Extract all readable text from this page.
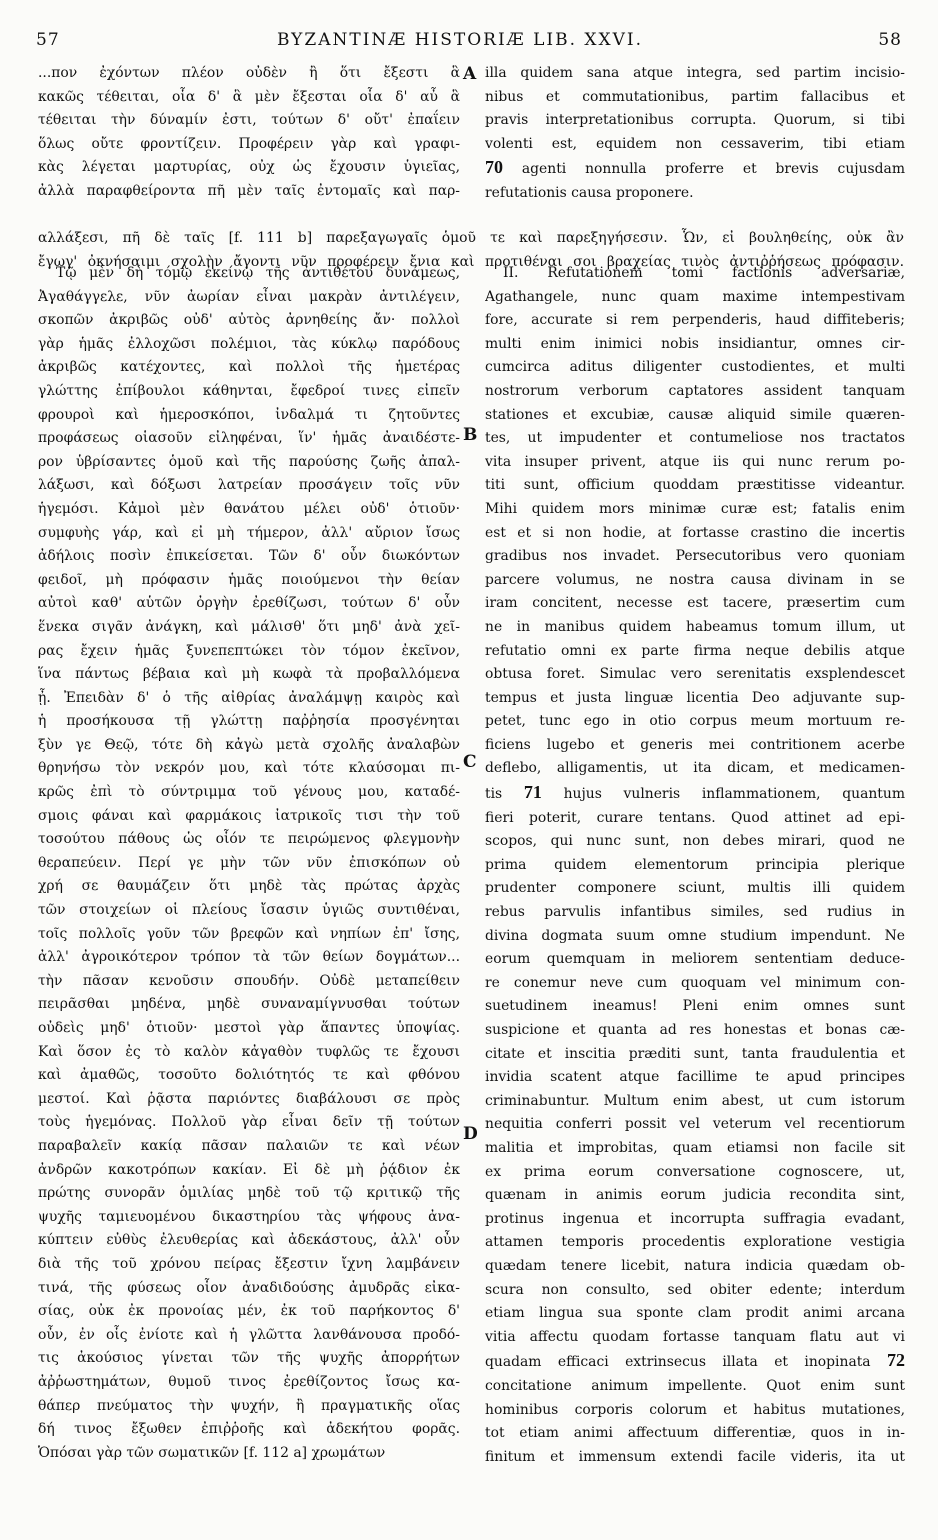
57	BYZANTINÆ HISTORIÆ LIB. XXVI.	58
A
B
C
D
...πον ἐχόντων πλέον οὐδὲν ἢ ὅτι ἔξεστι ἃ
κακῶς τέθειται, οἷα δ' ἃ μὲν ἔξεσται οἷα δ' αὖ ἃ
τέθειται τὴν δύναμίν ἐστι, τούτων δ' οὔτ' ἐπαΐειν
ὅλως οὔτε φροντίζειν. Προφέρειν γὰρ καὶ γραφι-
κὰς λέγεται μαρτυρίας, οὐχ ὡς ἔχουσιν ὑγιεῖας,
ἀλλὰ παραφθείροντα πῆ μὲν ταῖς ἐντομαῖς καὶ παρ-
illa quidem sana atque integra, sed partim incisio-
nibus et commutationibus, partim fallacibus et
pravis interpretationibus corrupta. Quorum, si tibi
volenti est, equidem non cessaverim, tibi etiam
70 agenti nonnulla proferre et brevis cujusdam
refutationis causa proponere.
αλλάξεσι, πῆ δὲ ταῖς [f. 111 b] παρεξαγωγαῖς ὁμοῦ τε καὶ παρεξηγήσεσιν. Ὧν, εἰ βουληθείης, οὐκ ἂν
ἔγωγ' ὀκνήσαιμι σχολὴν ἄγοντι νῦν προφέρειν ἔνια καὶ προτιθέναι σοι βραχείας τινὸς ἀντιῤῥήσεως πρόφασιν.
Τῷ μὲν δὴ τόμῳ ἐκείνῳ τῆς ἀντιθέτου δυνάμεως,
Ἀγαθάγγελε, νῦν ἀωρίαν εἶναι μακρὰν ἀντιλέγειν,
σκοπῶν ἀκριβῶς οὐδ' αὐτὸς ἀρνηθείης ἄν· πολλοὶ
γὰρ ἡμᾶς ἐλλοχῶσι πολέμιοι, τὰς κύκλῳ παρόδους
ἀκριβῶς κατέχοντες, καὶ πολλοὶ τῆς ἡμετέρας
γλώττης ἐπίβουλοι κάθηνται, ἔφεδροί τινες εἰπεῖν
φρουροὶ καὶ ἡμεροσκόποι, ἰνδαλμά τι ζητοῦντες
προφάσεως οἱασοῦν εἰληφέναι, ἵν' ἡμᾶς ἀναιδέστε-
ρον ὑβρίσαντες ὁμοῦ καὶ τῆς παρούσης ζωῆς ἀπαλ-
λάξωσι, καὶ δόξωσι λατρείαν προσάγειν τοῖς νῦν
ἡγεμόσι. Κἀμοὶ μὲν θανάτου μέλει οὐδ' ὁτιοῦν·
συμφυὴς γάρ, καὶ εἰ μὴ τήμερον, ἀλλ' αὔριον ἴσως
ἀδήλοις ποσὶν ἐπικείσεται. Τῶν δ' οὖν διωκόντων
φειδοῖ, μὴ πρόφασιν ἡμᾶς ποιούμενοι τὴν θείαν
αὐτοὶ καθ' αὑτῶν ὀργὴν ἐρεθίζωσι, τούτων δ' οὖν
ἕνεκα σιγᾶν ἀνάγκη, καὶ μάλισθ' ὅτι μηδ' ἀνὰ χεῖ-
ρας ἔχειν ἡμᾶς ξυνεπεπτώκει τὸν τόμον ἐκεῖνον,
ἵνα πάντως βέβαια καὶ μὴ κωφὰ τὰ προβαλλόμενα
ᾖ. Ἐπειδὰν δ' ὁ τῆς αἰθρίας ἀναλάμψῃ καιρὸς καὶ
ἡ προσήκουσα τῇ γλώττῃ παῤῥησία προσγένηται
ξὺν γε Θεῷ, τότε δὴ κἀγὼ μετὰ σχολῆς ἀναλαβὼν
θρηνήσω τὸν νεκρόν μου, καὶ τότε κλαύσομαι πι-
κρῶς ἐπὶ τὸ σύντριμμα τοῦ γένους μου, καταδέ-
σμοις φάναι καὶ φαρμάκοις ἰατρικοῖς τισι τὴν τοῦ
τοσούτου πάθους ὡς οἷόν τε πειρώμενος φλεγμονὴν
θεραπεύειν. Περί γε μὴν τῶν νῦν ἐπισκόπων οὐ
χρή σε θαυμάζειν ὅτι μηδὲ τὰς πρώτας ἀρχὰς
τῶν στοιχείων οἱ πλείους ἴσασιν ὑγιῶς συντιθέναι,
τοῖς πολλοῖς γοῦν τῶν βρεφῶν καὶ νηπίων ἐπ' ἴσης,
ἀλλ' ἀγροικότερον τρόπον τὰ τῶν θείων δογμάτων...
τὴν πᾶσαν κενοῦσιν σπουδήν. Οὐδὲ μεταπείθειν
πειρᾶσθαι μηδένα, μηδὲ συναναμίγνυσθαι τούτων
οὐδεὶς μηδ' ὁτιοῦν· μεστοὶ γὰρ ἅπαντες ὑποψίας.
Καὶ ὅσον ἐς τὸ καλὸν κἀγαθὸν τυφλῶς τε ἔχουσι
καὶ ἀμαθῶς, τοσοῦτο δολιότητός τε καὶ φθόνου
μεστοί. Καὶ ῥᾷστα παριόντες διαβάλουσι σε πρὸς
τοὺς ἡγεμόνας. Πολλοῦ γὰρ εἶναι δεῖν τῇ τούτων
παραβαλεῖν κακίᾳ πᾶσαν παλαιῶν τε καὶ νέων
ἀνδρῶν κακοτρόπων κακίαν. Εἰ δὲ μὴ ῥᾴδιον ἐκ
πρώτης συνορᾶν ὁμιλίας μηδὲ τοῦ τῷ κριτικῷ τῆς
ψυχῆς ταμιευομένου δικαστηρίου τὰς ψήφους ἀνα-
κύπτειν εὐθὺς ἐλευθερίας καὶ ἀδεκάστους, ἀλλ' οὖν
διὰ τῆς τοῦ χρόνου πείρας ἔξεστιν ἴχνη λαμβάνειν
τινά, τῆς φύσεως οἷον ἀναδιδούσης ἀμυδρᾶς εἰκα-
σίας, οὐκ ἐκ προνοίας μέν, ἐκ τοῦ παρήκοντος δ'
οὖν, ἐν οἷς ἐνίοτε καὶ ἡ γλῶττα λανθάνουσα προδό-
τις ἀκούσιος γίνεται τῶν τῆς ψυχῆς ἀπορρήτων
ἀῤῥωστημάτων, θυμοῦ τινος ἐρεθίζοντος ἴσως κα-
θάπερ πνεύματος τὴν ψυχήν, ἢ πραγματικῆς οἵας
δή τινος ἔξωθεν ἐπιῤῥοῆς καὶ ἀδεκήτου φορᾶς.
Ὁπόσαι γὰρ τῶν σωματικῶν [f. 112 a] χρωμάτων
II. Refutationem tomi factionis adversariæ,
Agathangele, nunc quam maxime intempestivam
fore, accurate si rem perpenderis, haud diffiteberis;
multi enim inimici nobis insidiantur, omnes cir-
cumcirca aditus diligenter custodientes, et multi
nostrorum verborum captatores assident tanquam
stationes et excubiæ, causæ aliquid simile quæren-
tes, ut impudenter et contumeliose nos tractatos
vita insuper privent, atque iis qui nunc rerum po-
titi sunt, officium quoddam præstitisse videantur.
Mihi quidem mors minimæ curæ est; fatalis enim
est et si non hodie, at fortasse crastino die incertis
gradibus nos invadet. Persecutoribus vero quoniam
parcere volumus, ne nostra causa divinam in se
iram concitent, necesse est tacere, præsertim cum
ne in manibus quidem habeamus tomum illum, ut
refutatio omni ex parte firma neque debilis atque
obtusa foret. Simulac vero serenitatis exsplendescet
tempus et justa linguæ licentia Deo adjuvante sup-
petet, tunc ego in otio corpus meum mortuum re-
ficiens lugebo et generis mei contritionem acerbe
deflebo, alligamentis, ut ita dicam, et medicamen-
tis 71 hujus vulneris inflammationem, quantum
fieri poterit, curare tentans. Quod attinet ad epi-
scopos, qui nunc sunt, non debes mirari, quod ne
prima quidem elementorum principia plerique
prudenter componere sciunt, multis illi quidem
rebus parvulis infantibus similes, sed rudius in
divina dogmata suum omne studium impendunt. Ne
eorum quemquam in meliorem sententiam deduce-
re conemur neve cum quoquam vel minimum con-
suetudinem ineamus! Pleni enim omnes sunt
suspicione et quanta ad res honestas et bonas cæ-
citate et inscitia præditi sunt, tanta fraudulentia et
invidia scatent atque facillime te apud principes
criminabuntur. Multum enim abest, ut cum istorum
nequitia conferri possit vel veterum vel recentiorum
malitia et improbitas, quam etiamsi non facile sit
ex prima eorum conversatione cognoscere, ut,
quænam in animis eorum judicia recondita sint,
protinus ingenua et incorrupta suffragia evadant,
attamen temporis procedentis exploratione vestigia
quædam tenere licebit, natura indicia quædam ob-
scura non consulto, sed obiter edente; interdum
etiam lingua sua sponte clam prodit animi arcana
vitia affectu quodam fortasse tanquam flatu aut vi
quadam efficaci extrinsecus illata et inopinata 72
concitatione animum impellente. Quot enim sunt
hominibus corporis colorum et habitus mutationes,
tot etiam animi affectuum differentiæ, quos in in-
finitum et immensum extendi facile videris, ita ut
